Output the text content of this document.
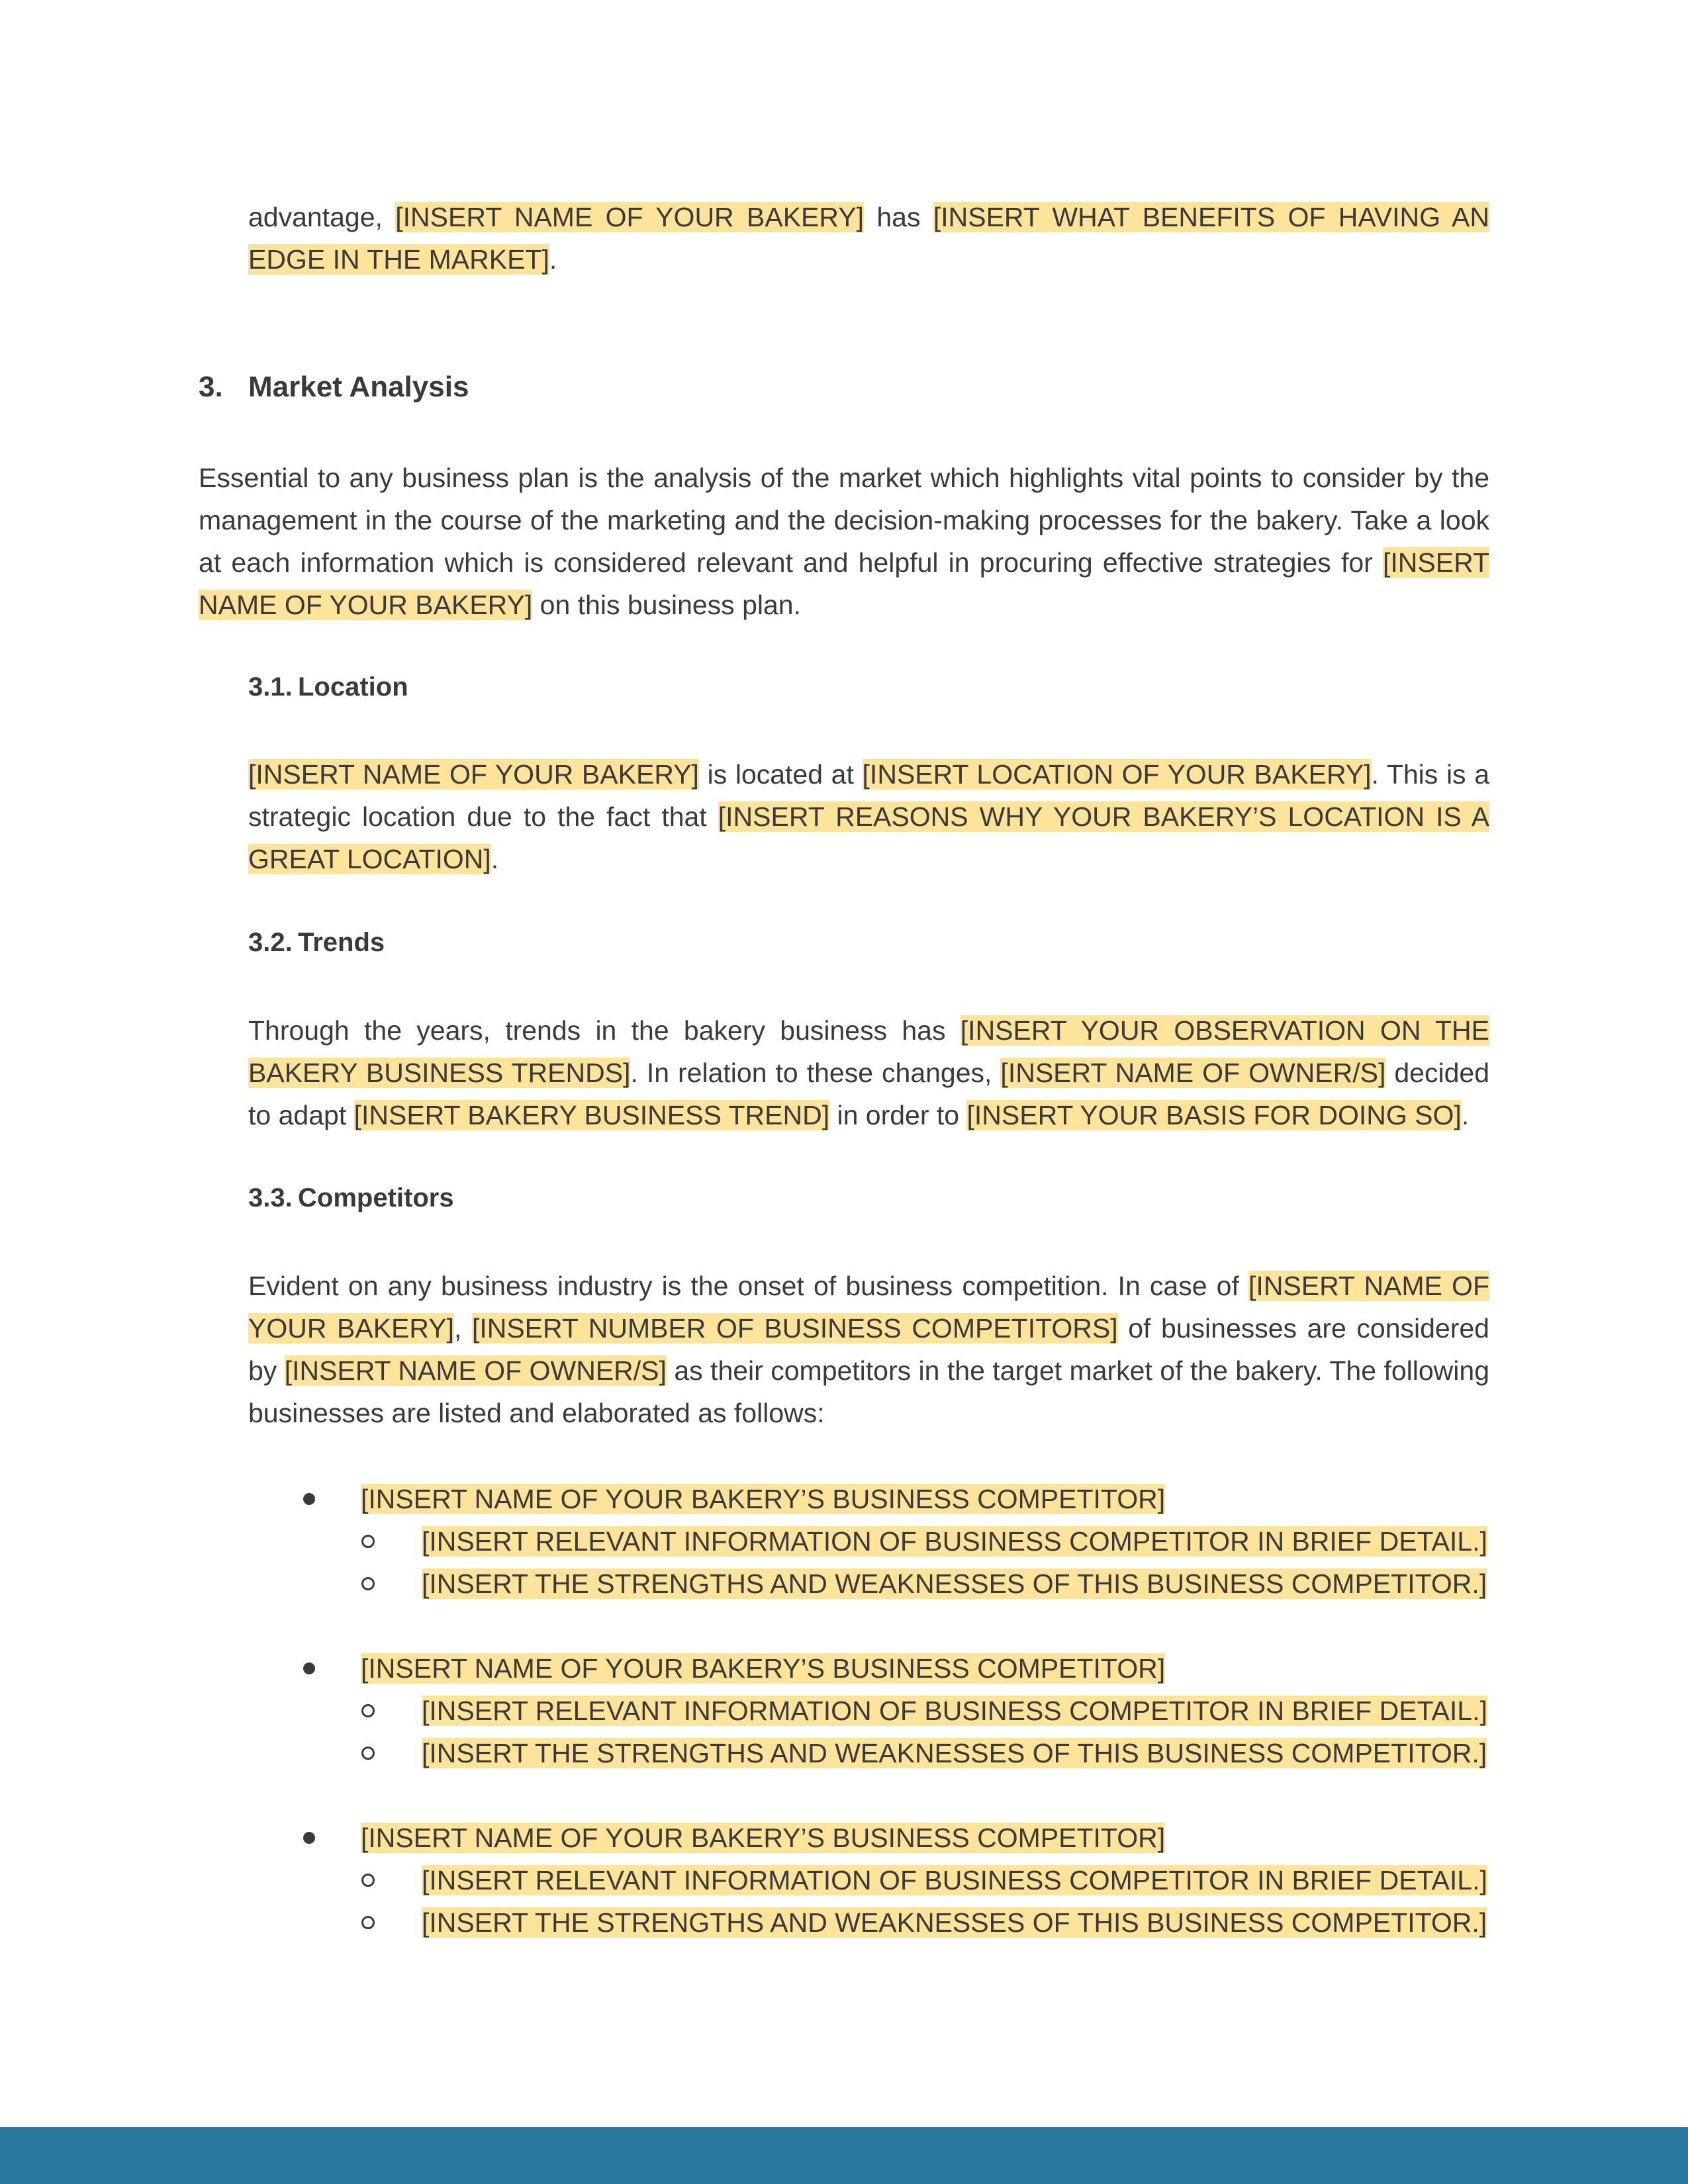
advantage, [INSERT NAME OF YOUR BAKERY] has [INSERT WHAT BENEFITS OF HAVING AN EDGE IN THE MARKET].
3. Market Analysis
Essential to any business plan is the analysis of the market which highlights vital points to consider by the management in the course of the marketing and the decision-making processes for the bakery. Take a look at each information which is considered relevant and helpful in procuring effective strategies for [INSERT NAME OF YOUR BAKERY] on this business plan.
3.1. Location
[INSERT NAME OF YOUR BAKERY] is located at [INSERT LOCATION OF YOUR BAKERY]. This is a strategic location due to the fact that [INSERT REASONS WHY YOUR BAKERY’S LOCATION IS A GREAT LOCATION].
3.2. Trends
Through the years, trends in the bakery business has [INSERT YOUR OBSERVATION ON THE BAKERY BUSINESS TRENDS]. In relation to these changes, [INSERT NAME OF OWNER/S] decided to adapt [INSERT BAKERY BUSINESS TREND] in order to [INSERT YOUR BASIS FOR DOING SO].
3.3. Competitors
Evident on any business industry is the onset of business competition. In case of [INSERT NAME OF YOUR BAKERY], [INSERT NUMBER OF BUSINESS COMPETITORS] of businesses are considered by [INSERT NAME OF OWNER/S] as their competitors in the target market of the bakery. The following businesses are listed and elaborated as follows:
[INSERT NAME OF YOUR BAKERY’S BUSINESS COMPETITOR]
[INSERT RELEVANT INFORMATION OF BUSINESS COMPETITOR IN BRIEF DETAIL.]
[INSERT THE STRENGTHS AND WEAKNESSES OF THIS BUSINESS COMPETITOR.]
[INSERT NAME OF YOUR BAKERY’S BUSINESS COMPETITOR]
[INSERT RELEVANT INFORMATION OF BUSINESS COMPETITOR IN BRIEF DETAIL.]
[INSERT THE STRENGTHS AND WEAKNESSES OF THIS BUSINESS COMPETITOR.]
[INSERT NAME OF YOUR BAKERY’S BUSINESS COMPETITOR]
[INSERT RELEVANT INFORMATION OF BUSINESS COMPETITOR IN BRIEF DETAIL.]
[INSERT THE STRENGTHS AND WEAKNESSES OF THIS BUSINESS COMPETITOR.]
